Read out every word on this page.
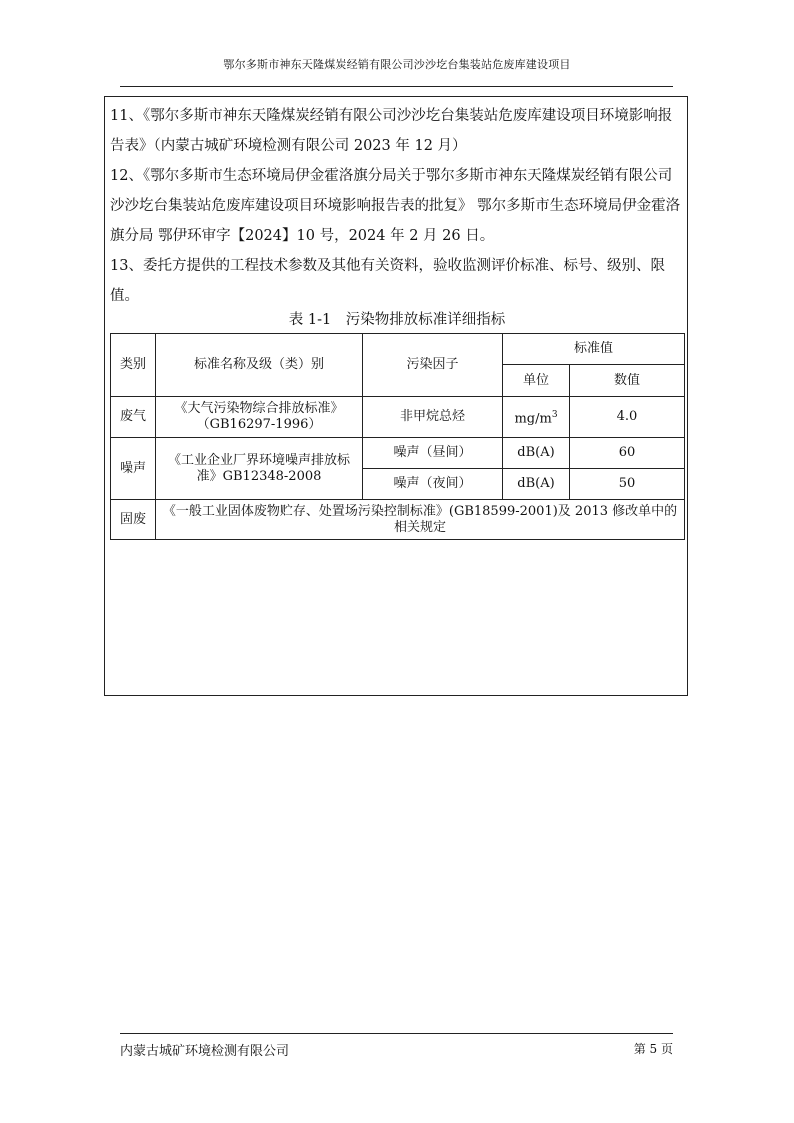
鄂尔多斯市神东天隆煤炭经销有限公司沙沙圪台集装站危废库建设项目
11、《鄂尔多斯市神东天隆煤炭经销有限公司沙沙圪台集装站危废库建设项目环境影响报告表》（内蒙古城矿环境检测有限公司 2023 年 12 月）
12、《鄂尔多斯市生态环境局伊金霍洛旗分局关于鄂尔多斯市神东天隆煤炭经销有限公司沙沙圪台集装站危废库建设项目环境影响报告表的批复》 鄂尔多斯市生态环境局伊金霍洛旗分局 鄂伊环审字【2024】10 号，2024 年 2 月 26 日。
13、委托方提供的工程技术参数及其他有关资料，验收监测评价标准、标号、级别、限值。
表 1-1　污染物排放标准详细指标
类别	标准名称及级（类）别	污染因子	标准值	
			单位	数值
废气	《大气污染物综合排放标准》（GB16297-1996）	非甲烷总烃	$mg/m^3$	4.0
噪声	《工业企业厂界环境噪声排放标准》GB12348-2008	噪声（昼间）	dB(A)	60
		噪声（夜间）	dB(A)	50
固废	《一般工业固体废物贮存、处置场污染控制标准》(GB18599-2001)及 2013 修改单中的相关规定			
内蒙古城矿环境检测有限公司	第 5 页
